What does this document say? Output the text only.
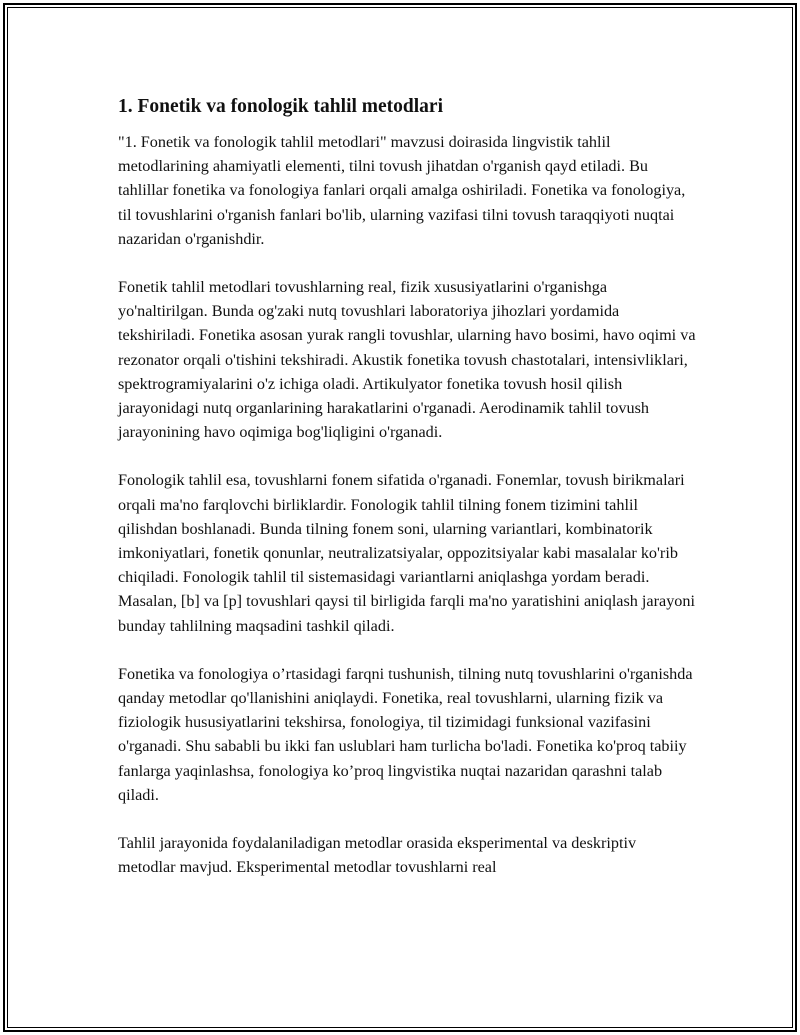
1. Fonetik va fonologik tahlil metodlari

"1. Fonetik va fonologik tahlil metodlari" mavzusi doirasida lingvistik tahlil metodlarining ahamiyatli elementi, tilni tovush jihatdan o'rganish qayd etiladi. Bu tahlillar fonetika va fonologiya fanlari orqali amalga oshiriladi. Fonetika va fonologiya, til tovushlarini o'rganish fanlari bo'lib, ularning vazifasi tilni tovush taraqqiyoti nuqtai nazaridan o'rganishdir.

Fonetik tahlil metodlari tovushlarning real, fizik xususiyatlarini o'rganishga yo'naltirilgan. Bunda og'zaki nutq tovushlari laboratoriya jihozlari yordamida tekshiriladi. Fonetika asosan yurak rangli tovushlar, ularning havo bosimi, havo oqimi va rezonator orqali o'tishini tekshiradi. Akustik fonetika tovush chastotalari, intensivliklari, spektrogramiyalarini o'z ichiga oladi. Artikulyator fonetika tovush hosil qilish jarayonidagi nutq organlarining harakatlarini o'rganadi. Aerodinamik tahlil tovush jarayonining havo oqimiga bog'liqligini o'rganadi.

Fonologik tahlil esa, tovushlarni fonem sifatida o'rganadi. Fonemlar, tovush birikmalari orqali ma'no farqlovchi birliklardir. Fonologik tahlil tilning fonem tizimini tahlil qilishdan boshlanadi. Bunda tilning fonem soni, ularning variantlari, kombinatorik imkoniyatlari, fonetik qonunlar, neutralizatsiyalar, oppozitsiyalar kabi masalalar ko'rib chiqiladi. Fonologik tahlil til sistemasidagi variantlarni aniqlashga yordam beradi. Masalan, [b] va [p] tovushlari qaysi til birligida farqli ma'no yaratishini aniqlash jarayoni bunday tahlilning maqsadini tashkil qiladi.

Fonetika va fonologiya o’rtasidagi farqni tushunish, tilning nutq tovushlarini o'rganishda qanday metodlar qo'llanishini aniqlaydi. Fonetika, real tovushlarni, ularning fizik va fiziologik hususiyatlarini tekshirsa, fonologiya, til tizimidagi funksional vazifasini o'rganadi. Shu sababli bu ikki fan uslublari ham turlicha bo'ladi. Fonetika ko'proq tabiiy fanlarga yaqinlashsa, fonologiya ko’proq lingvistika nuqtai nazaridan qarashni talab qiladi.

Tahlil jarayonida foydalaniladigan metodlar orasida eksperimental va deskriptiv metodlar mavjud. Eksperimental metodlar tovushlarni real
